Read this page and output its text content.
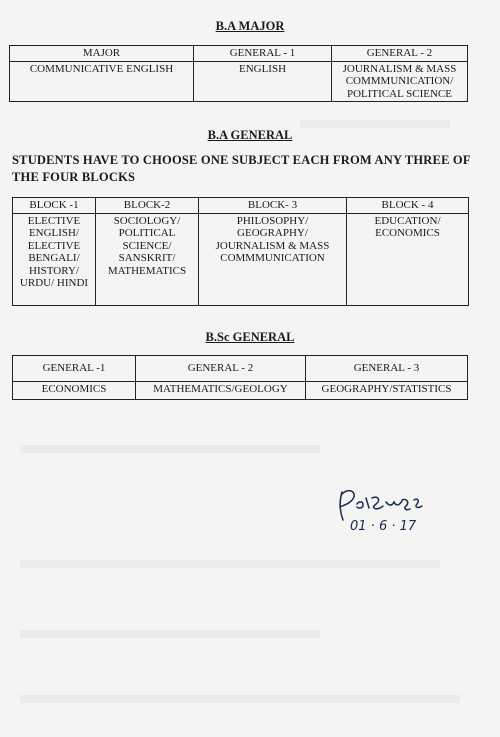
B.A MAJOR
MAJOR	GENERAL - 1	GENERAL - 2
COMMUNICATIVE ENGLISH	ENGLISH	JOURNALISM & MASS COMMMUNICATION/ POLITICAL SCIENCE
B.A GENERAL
STUDENTS HAVE TO CHOOSE ONE SUBJECT EACH FROM ANY THREE OF THE FOUR BLOCKS
BLOCK -1	BLOCK-2	BLOCK- 3	BLOCK - 4
ELECTIVE ENGLISH/ ELECTIVE BENGALI/ HISTORY/ URDU/ HINDI	SOCIOLOGY/ POLITICAL SCIENCE/ SANSKRIT/ MATHEMATICS	PHILOSOPHY/ GEOGRAPHY/ JOURNALISM & MASS COMMMUNICATION	EDUCATION/ ECONOMICS
B.Sc GENERAL
GENERAL -1	GENERAL - 2	GENERAL - 3
ECONOMICS	MATHEMATICS/GEOLOGY	GEOGRAPHY/STATISTICS
01 · 6 · 17
